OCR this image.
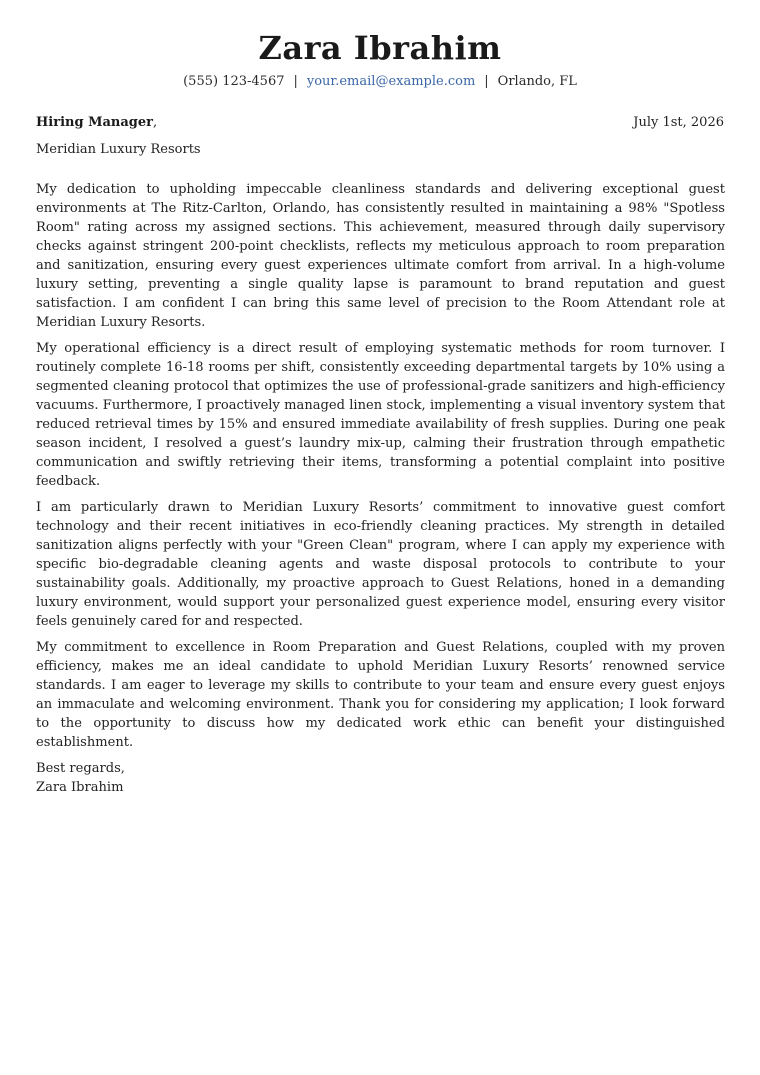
Zara Ibrahim
(555) 123-4567 | your.email@example.com | Orlando, FL
Hiring Manager,	July 1st, 2026
Meridian Luxury Resorts

My dedication to upholding impeccable cleanliness standards and delivering exceptional guest environments at The Ritz-Carlton, Orlando, has consistently resulted in maintaining a 98% "Spotless Room" rating across my assigned sections. This achievement, measured through daily supervisory checks against stringent 200-point checklists, reflects my meticulous approach to room preparation and sanitization, ensuring every guest experiences ultimate comfort from arrival. In a high-volume luxury setting, preventing a single quality lapse is paramount to brand reputation and guest satisfaction. I am confident I can bring this same level of precision to the Room Attendant role at Meridian Luxury Resorts.

My operational efficiency is a direct result of employing systematic methods for room turnover. I routinely complete 16-18 rooms per shift, consistently exceeding departmental targets by 10% using a segmented cleaning protocol that optimizes the use of professional-grade sanitizers and high-efficiency vacuums. Furthermore, I proactively managed linen stock, implementing a visual inventory system that reduced retrieval times by 15% and ensured immediate availability of fresh supplies. During one peak season incident, I resolved a guest’s laundry mix-up, calming their frustration through empathetic communication and swiftly retrieving their items, transforming a potential complaint into positive feedback.

I am particularly drawn to Meridian Luxury Resorts’ commitment to innovative guest comfort technology and their recent initiatives in eco-friendly cleaning practices. My strength in detailed sanitization aligns perfectly with your "Green Clean" program, where I can apply my experience with specific bio-degradable cleaning agents and waste disposal protocols to contribute to your sustainability goals. Additionally, my proactive approach to Guest Relations, honed in a demanding luxury environment, would support your personalized guest experience model, ensuring every visitor feels genuinely cared for and respected.

My commitment to excellence in Room Preparation and Guest Relations, coupled with my proven efficiency, makes me an ideal candidate to uphold Meridian Luxury Resorts’ renowned service standards. I am eager to leverage my skills to contribute to your team and ensure every guest enjoys an immaculate and welcoming environment. Thank you for considering my application; I look forward to the opportunity to discuss how my dedicated work ethic can benefit your distinguished establishment.

Best regards,
Zara Ibrahim
